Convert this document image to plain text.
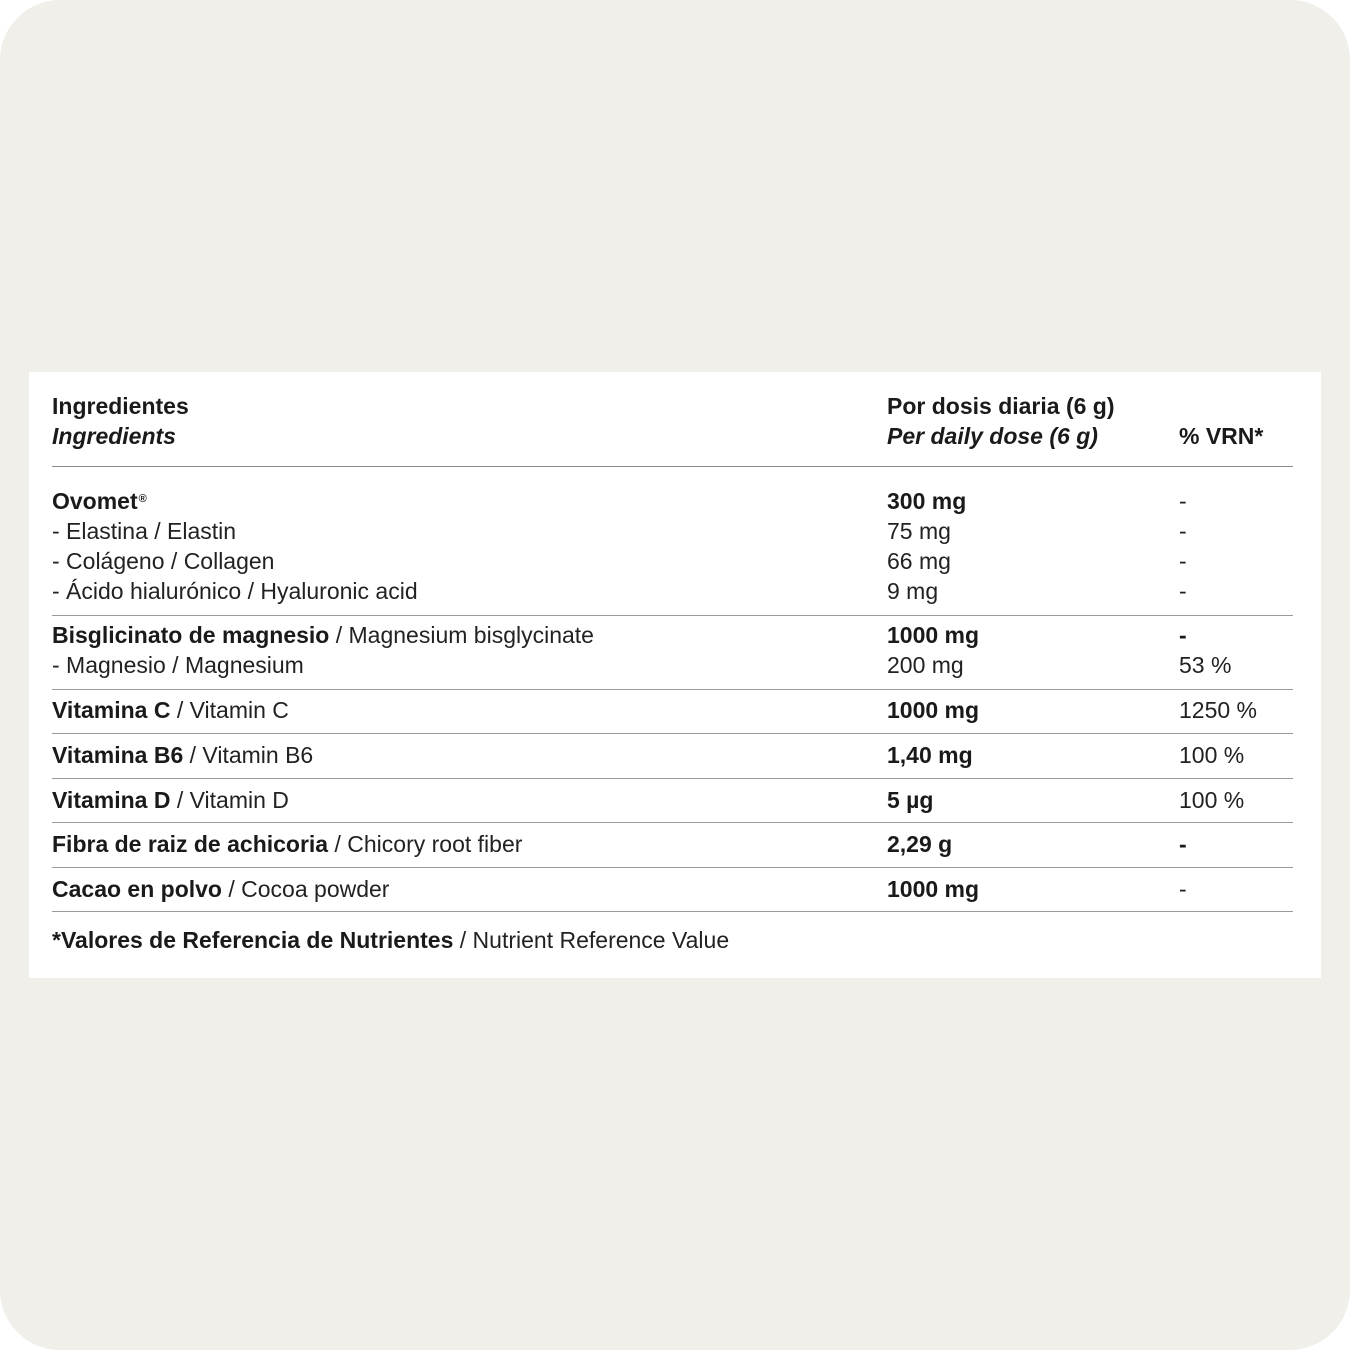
Ingredientes
Ingredients
Por dosis diaria (6 g)
Per daily dose (6 g)	% VRN*
Ovomet®	300 mg	-
- Elastina / Elastin	75 mg	-
- Colágeno / Collagen	66 mg	-
- Ácido hialurónico / Hyaluronic acid	9 mg	-
Bisglicinato de magnesio / Magnesium bisglycinate	1000 mg	-
- Magnesio / Magnesium	200 mg	53 %
Vitamina C / Vitamin C	1000 mg	1250 %
Vitamina B6 / Vitamin B6	1,40 mg	100 %
Vitamina D / Vitamin D	5 µg	100 %
Fibra de raiz de achicoria / Chicory root fiber	2,29 g	-
Cacao en polvo / Cocoa powder	1000 mg	-
*Valores de Referencia de Nutrientes / Nutrient Reference Value
